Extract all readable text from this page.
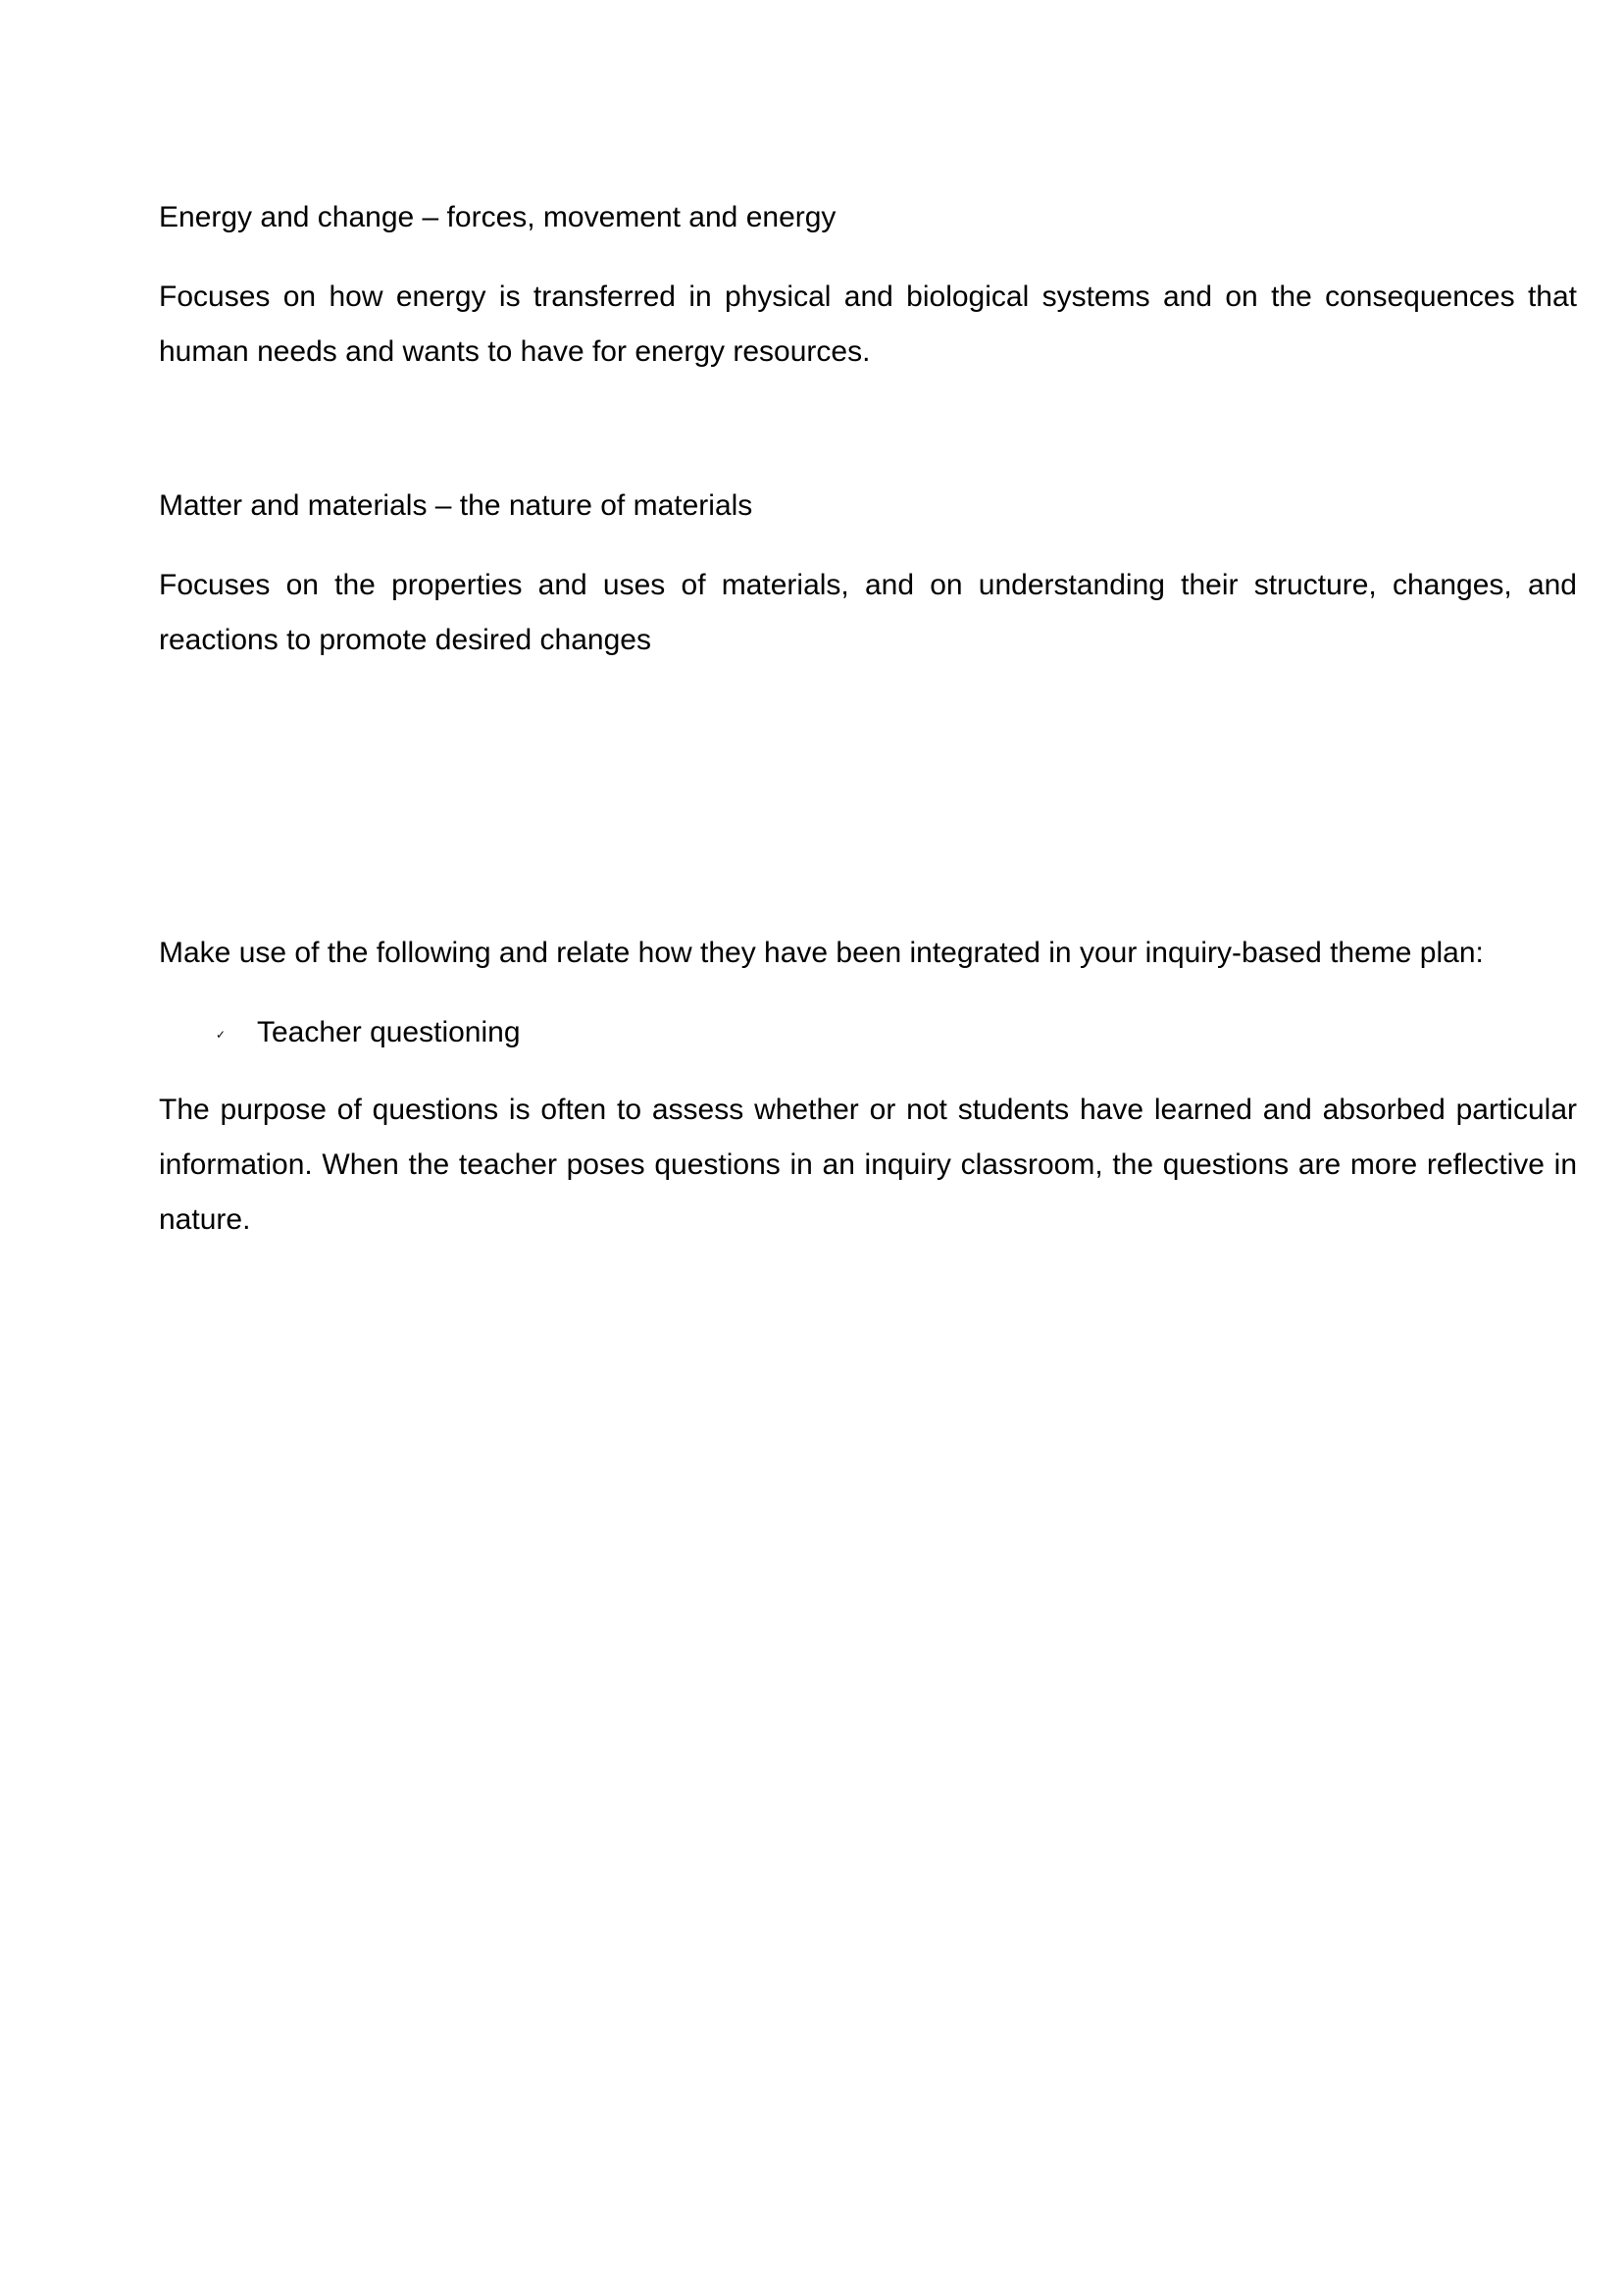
Energy and change – forces, movement and energy

Focuses on how energy is transferred in physical and biological systems and on the consequences that human needs and wants to have for energy resources.

Matter and materials – the nature of materials

Focuses on the properties and uses of materials, and on understanding their structure, changes, and reactions to promote desired changes

Make use of the following and relate how they have been integrated in your inquiry-based theme plan:

✓ Teacher questioning

The purpose of questions is often to assess whether or not students have learned and absorbed particular information. When the teacher poses questions in an inquiry classroom, the questions are more reflective in nature.
